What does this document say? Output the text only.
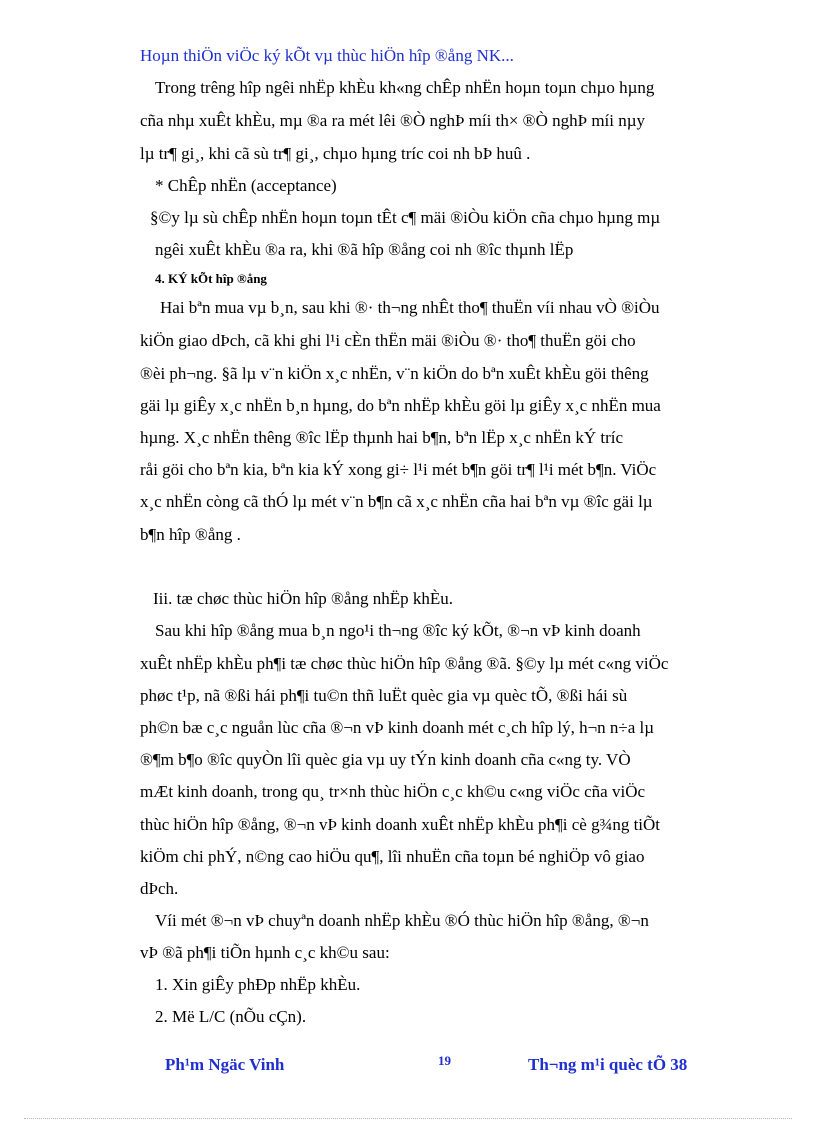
Hoµn thiÖn viÖc ký kÕt vµ thùc hiÖn hîp ®ång NK...
Trong trêng hîp ngêi nhËp khÈu kh«ng chÊp nhËn hoµn toµn chµo hµng
cña nhµ xuÊt khÈu, mµ ®a ra mét lêi ®Ò nghÞ míi th× ®Ò nghÞ míi nµy
lµ tr¶ gi¸, khi cã sù tr¶ gi¸, chµo hµng tríc coi nh bÞ huû .
* ChÊp nhËn (acceptance)
§©y lµ sù chÊp nhËn hoµn toµn tÊt c¶ mäi ®iÒu kiÖn cña chµo hµng mµ
ngêi xuÊt khÈu ®a ra, khi ®ã hîp ®ång coi nh ®îc thµnh lËp
4. KÝ kÕt hîp ®ång
Hai bªn mua vµ b¸n, sau khi ®· th¬ng nhÊt tho¶ thuËn víi nhau vÒ ®iÒu
kiÖn giao dÞch, cã khi ghi l¹i cÈn thËn mäi ®iÒu ®· tho¶ thuËn göi cho
®èi ph¬ng. §ã lµ v¨n kiÖn x¸c nhËn, v¨n kiÖn do bªn xuÊt khÈu göi thêng
gäi lµ giÊy x¸c nhËn b¸n hµng, do bªn nhËp khÈu göi lµ giÊy x¸c nhËn mua
hµng. X¸c nhËn thêng ®îc lËp thµnh hai b¶n, bªn lËp x¸c nhËn kÝ tríc
råi göi cho bªn kia, bªn kia kÝ xong gi÷ l¹i mét b¶n göi tr¶ l¹i mét b¶n. ViÖc
x¸c nhËn còng cã thÓ lµ mét v¨n b¶n cã x¸c nhËn cña hai bªn vµ ®îc gäi lµ
b¶n hîp ®ång .
Iii. tæ chøc thùc hiÖn hîp ®ång nhËp khÈu.
Sau khi hîp ®ång mua b¸n ngo¹i th¬ng ®îc ký kÕt, ®¬n vÞ kinh doanh
xuÊt nhËp khÈu ph¶i tæ chøc thùc hiÖn hîp ®ång ®ã. §©y lµ mét c«ng viÖc
phøc t¹p, nã ®ßi hái ph¶i tu©n thñ luËt quèc gia vµ quèc tÕ, ®ßi hái sù
ph©n bæ c¸c nguån lùc cña ®¬n vÞ kinh doanh mét c¸ch hîp lý, h¬n n÷a lµ
®¶m b¶o ®îc quyÒn lîi quèc gia vµ uy tÝn kinh doanh cña c«ng ty. VÒ
mÆt kinh doanh, trong qu¸ tr×nh thùc hiÖn c¸c kh©u c«ng viÖc cña viÖc
thùc hiÖn hîp ®ång, ®¬n vÞ kinh doanh xuÊt nhËp khÈu ph¶i cè g¾ng tiÕt
kiÖm chi phÝ, n©ng cao hiÖu qu¶, lîi nhuËn cña toµn bé nghiÖp vô giao
dÞch.
Víi mét ®¬n vÞ chuyªn doanh nhËp khÈu ®Ó thùc hiÖn hîp ®ång, ®¬n
vÞ ®ã ph¶i tiÕn hµnh c¸c kh©u sau:
1. Xin giÊy phÐp nhËp khÈu.
2. Më L/C (nÕu cÇn).
Ph¹m Ngäc Vinh	19	Th¬ng m¹i quèc tÕ 38
